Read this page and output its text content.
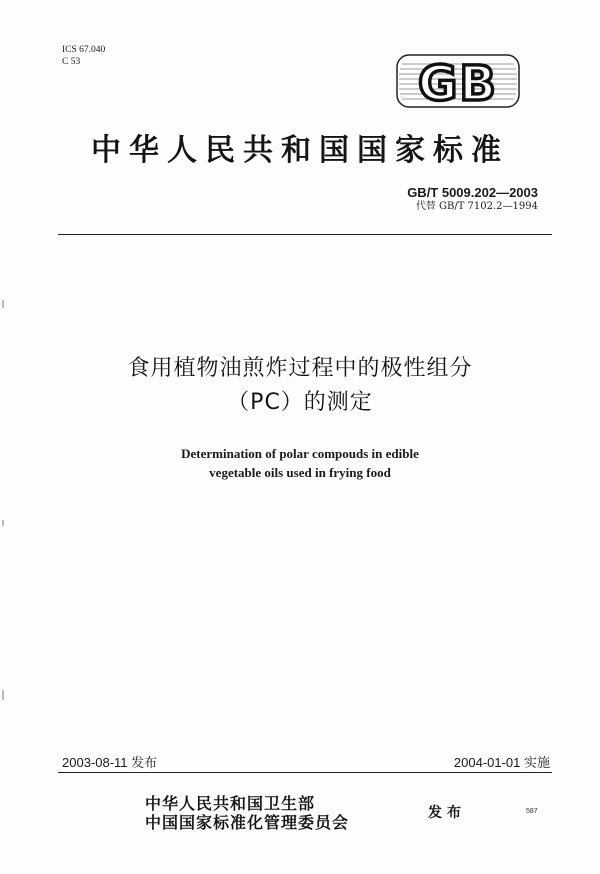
ICS 67.040
C 53	GB
中华人民共和国国家标准
GB/T 5009.202—2003
代替 GB/T 7102.2—1994
食用植物油煎炸过程中的极性组分
（PC）的测定
Determination of polar compouds in edible
vegetable oils used in frying food
2003-08-11 发布	2004-01-01 实施
中华人民共和国卫生部
中国国家标准化管理委员会	发布	587
